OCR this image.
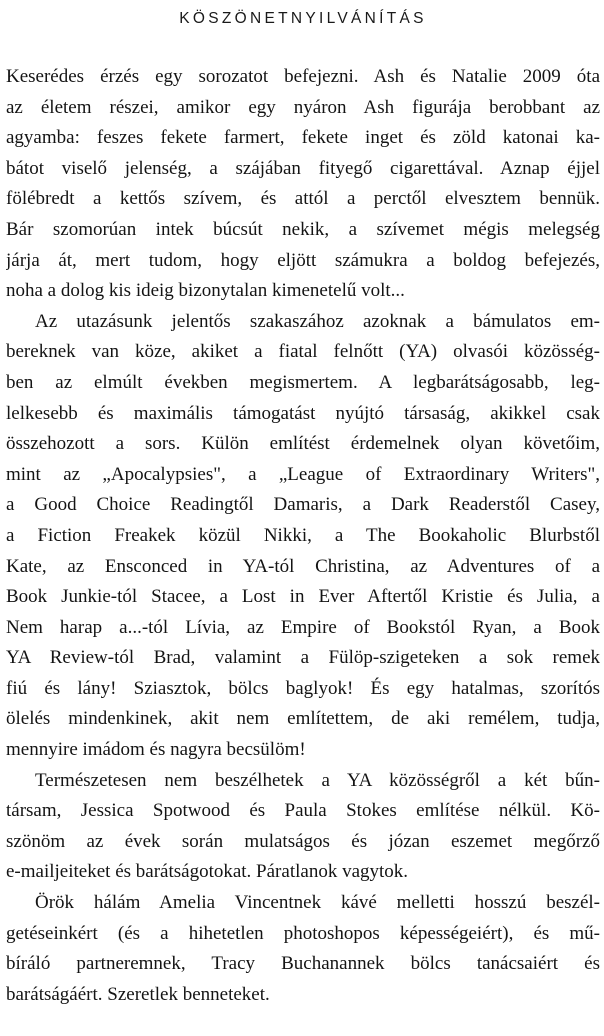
KÖSZÖNETNYILVÁNÍTÁS
Keserédes érzés egy sorozatot befejezni. Ash és Natalie 2009 óta
az életem részei, amikor egy nyáron Ash figurája berobbant az
agyamba: feszes fekete farmert, fekete inget és zöld katonai ka-
bátot viselő jelenség, a szájában fityegő cigarettával. Aznap éjjel
fölébredt a kettős szívem, és attól a perctől elvesztem bennük.
Bár szomorúan intek búcsút nekik, a szívemet mégis melegség
járja át, mert tudom, hogy eljött számukra a boldog befejezés,
noha a dolog kis ideig bizonytalan kimenetelű volt...
Az utazásunk jelentős szakaszához azoknak a bámulatos em-
bereknek van köze, akiket a fiatal felnőtt (YA) olvasói közösség-
ben az elmúlt években megismertem. A legbarátságosabb, leg-
lelkesebb és maximális támogatást nyújtó társaság, akikkel csak
összehozott a sors. Külön említést érdemelnek olyan követőim,
mint az „Apocalypsies", a „League of Extraordinary Writers",
a Good Choice Readingtől Damaris, a Dark Readerstől Casey,
a Fiction Freakek közül Nikki, a The Bookaholic Blurbstől
Kate, az Ensconced in YA-tól Christina, az Adventures of a
Book Junkie-tól Stacee, a Lost in Ever Aftertől Kristie és Julia, a
Nem harap a...-tól Lívia, az Empire of Bookstól Ryan, a Book
YA Review-tól Brad, valamint a Fülöp-szigeteken a sok remek
fiú és lány! Sziasztok, bölcs baglyok! És egy hatalmas, szorítós
ölelés mindenkinek, akit nem említettem, de aki remélem, tudja,
mennyire imádom és nagyra becsülöm!
Természetesen nem beszélhetek a YA közösségről a két bűn-
társam, Jessica Spotwood és Paula Stokes említése nélkül. Kö-
szönöm az évek során mulatságos és józan eszemet megőrző
e-mailjeiteket és barátságotokat. Páratlanok vagytok.
Örök hálám Amelia Vincentnek kávé melletti hosszú beszél-
getéseinkért (és a hihetetlen photoshopos képességeiért), és mű-
bíráló partneremnek, Tracy Buchanannek bölcs tanácsaiért és
barátságáért. Szeretlek benneteket.
